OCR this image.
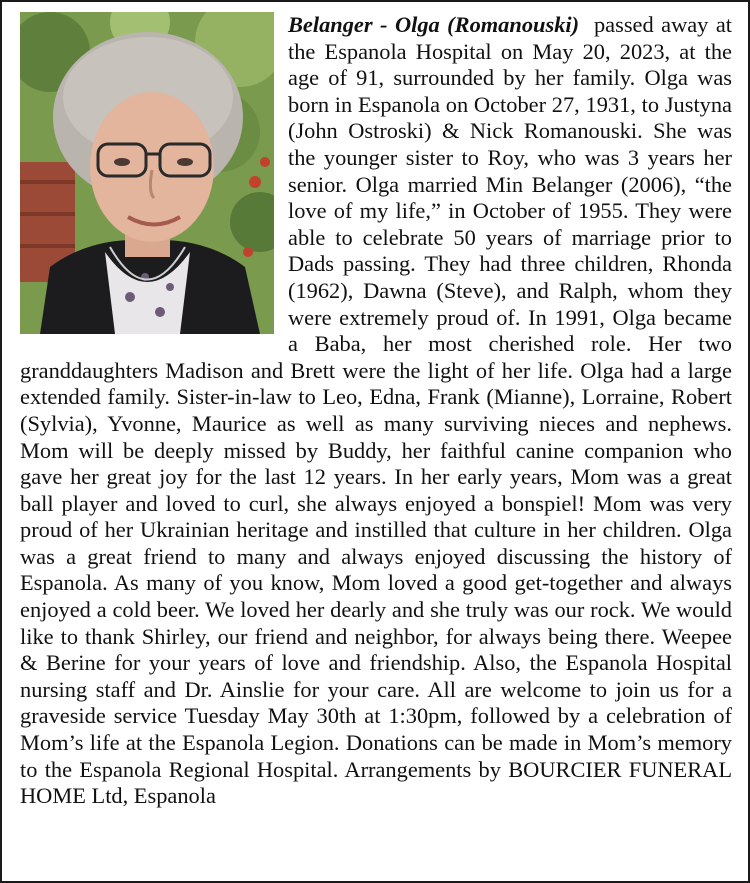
Belanger - Olga (Romanouski) passed away at the Espanola Hospital on May 20, 2023, at the age of 91, surrounded by her family. Olga was born in Espanola on October 27, 1931, to Justyna (John Ostroski) & Nick Romanouski. She was the younger sister to Roy, who was 3 years her senior. Olga married Min Belanger (2006), “the love of my life,” in October of 1955. They were able to celebrate 50 years of marriage prior to Dads passing. They had three children, Rhonda (1962), Dawna (Steve), and Ralph, whom they were extremely proud of. In 1991, Olga became a Baba, her most cherished role. Her two granddaughters Madison and Brett were the light of her life. Olga had a large extended family. Sister-in-law to Leo, Edna, Frank (Mianne), Lorraine, Robert (Sylvia), Yvonne, Maurice as well as many surviving nieces and nephews. Mom will be deeply missed by Buddy, her faithful canine companion who gave her great joy for the last 12 years. In her early years, Mom was a great ball player and loved to curl, she always enjoyed a bonspiel! Mom was very proud of her Ukrainian heritage and instilled that culture in her children. Olga was a great friend to many and always enjoyed discussing the history of Espanola. As many of you know, Mom loved a good get-together and always enjoyed a cold beer. We loved her dearly and she truly was our rock. We would like to thank Shirley, our friend and neighbor, for always being there. Weepee & Berine for your years of love and friendship. Also, the Espanola Hospital nursing staff and Dr. Ainslie for your care. All are welcome to join us for a graveside service Tuesday May 30th at 1:30pm, followed by a celebration of Mom’s life at the Espanola Legion. Donations can be made in Mom’s memory to the Espanola Regional Hospital. Arrangements by BOURCIER FUNERAL HOME Ltd, Espanola
